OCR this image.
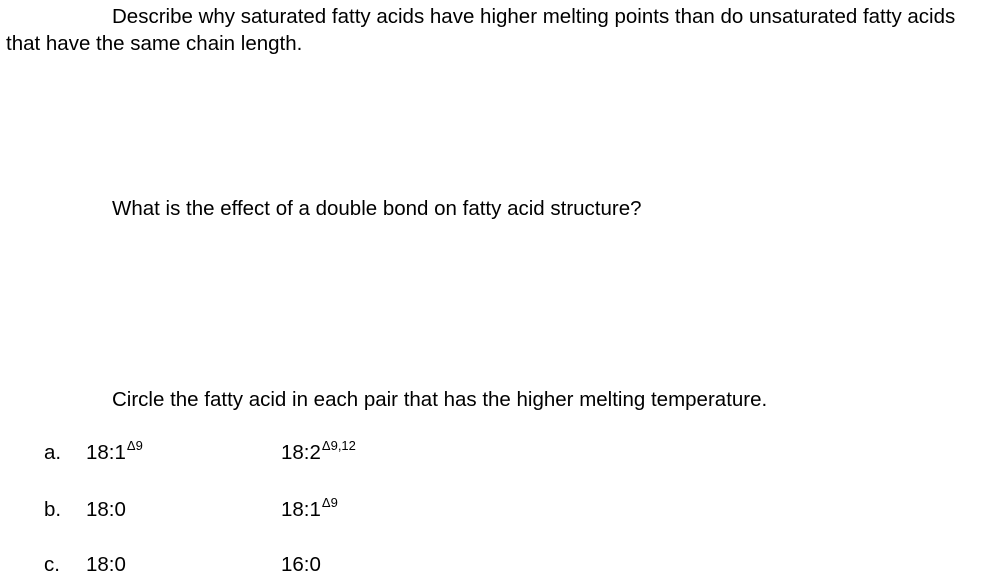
Describe why saturated fatty acids have higher melting points than do unsaturated fatty acids that have the same chain length.

What is the effect of a double bond on fatty acid structure?

Circle the fatty acid in each pair that has the higher melting temperature.

a. $18:1^{\Delta 9}$	$18:2^{\Delta 9,12}$
b. 18:0	$18:1^{\Delta 9}$
c. 18:0	16:0
